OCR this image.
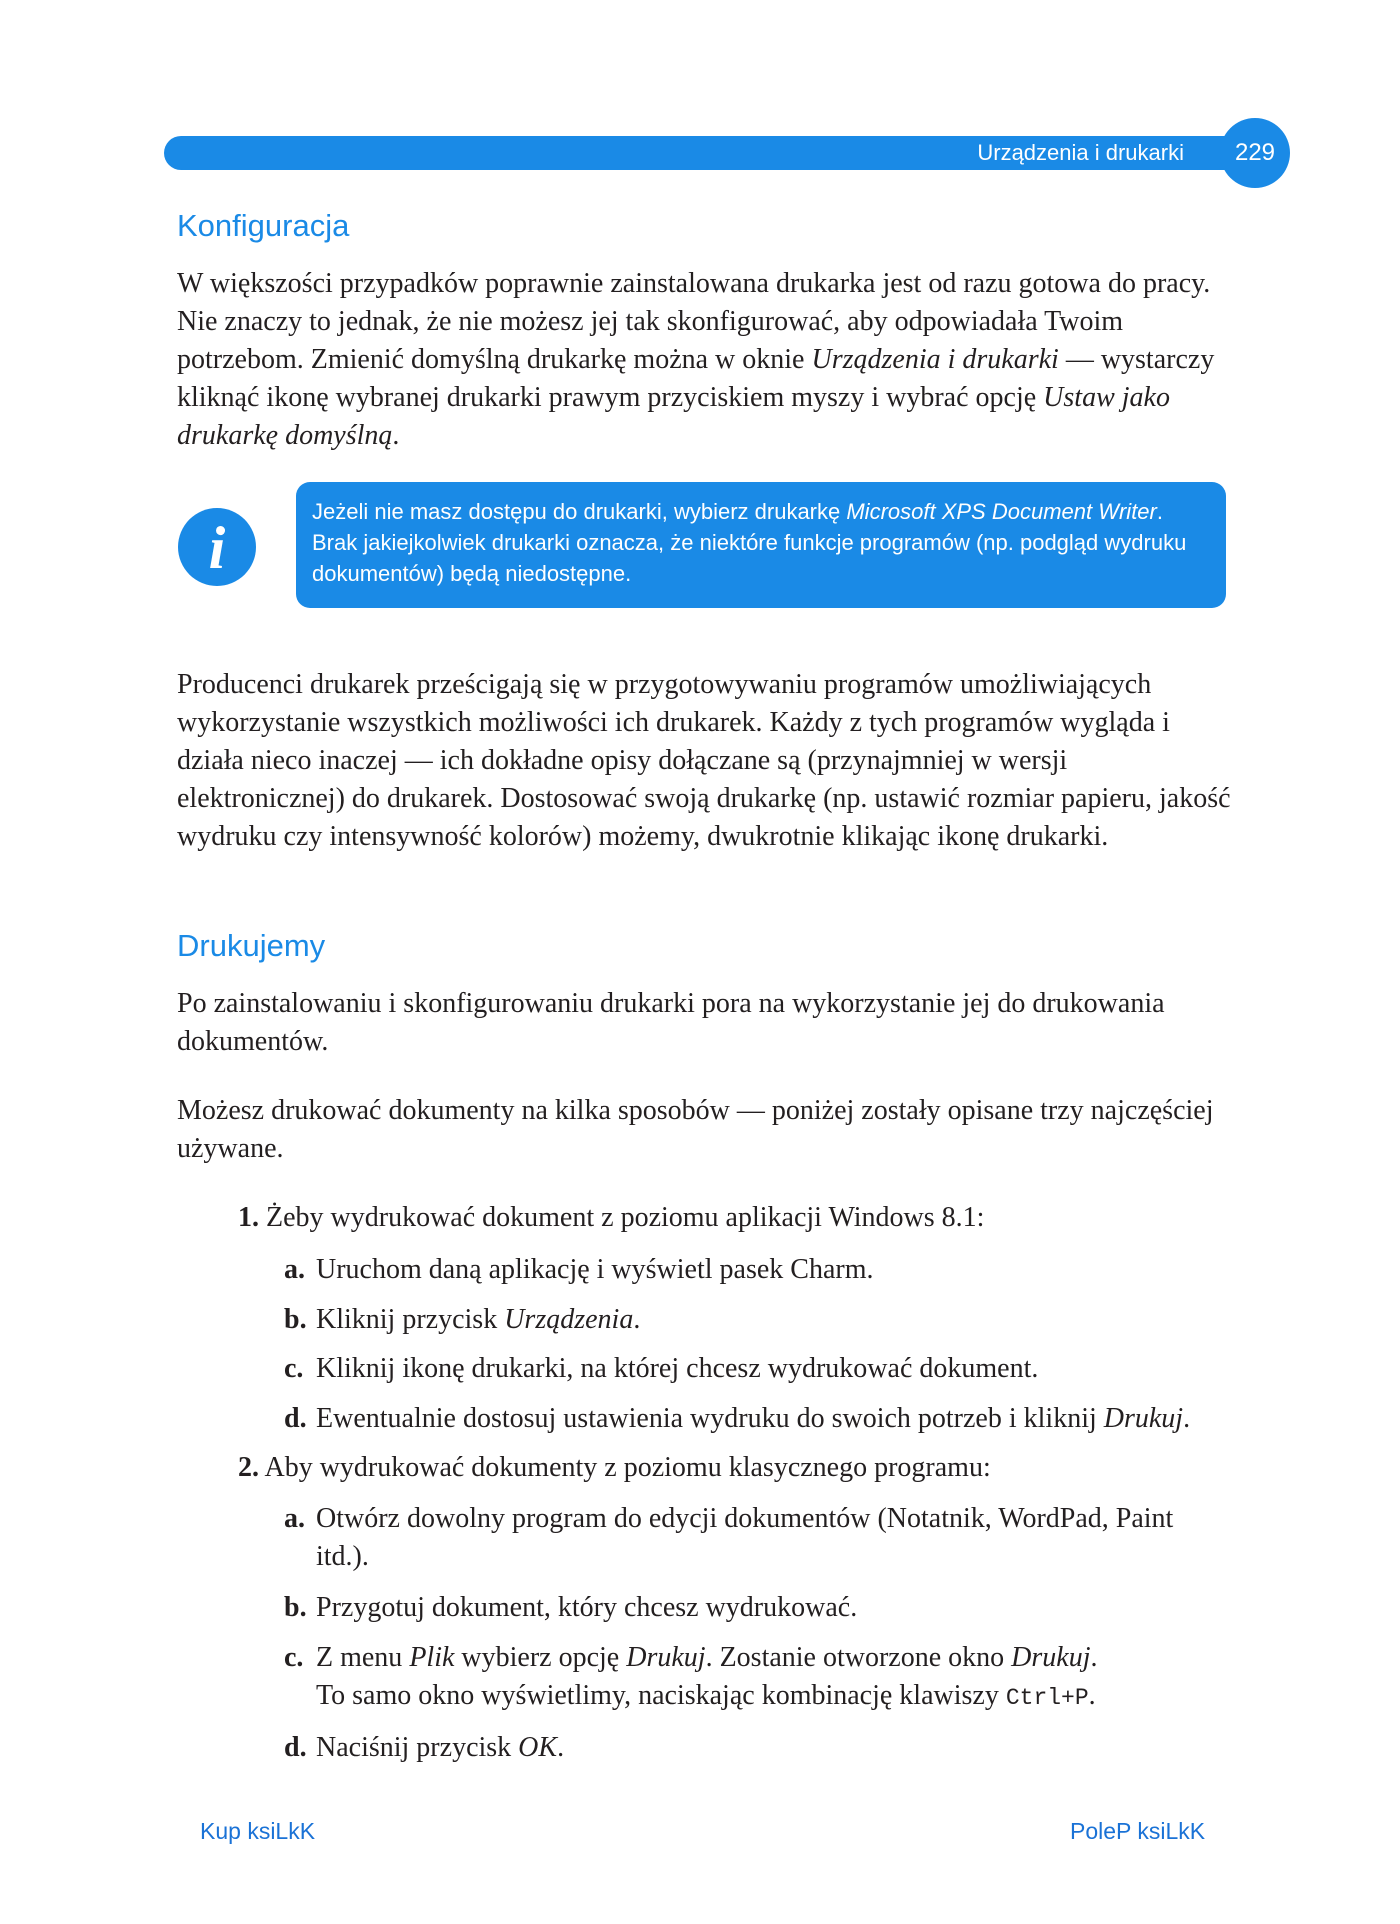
Urządzenia i drukarki	229
Konfiguracja

W większości przypadków poprawnie zainstalowana drukarka jest od razu gotowa do pracy. Nie znaczy to jednak, że nie możesz jej tak skonfigurować, aby odpowiadała Twoim potrzebom. Zmienić domyślną drukarkę można w oknie Urządzenia i drukarki — wystarczy kliknąć ikonę wybranej drukarki prawym przyciskiem myszy i wybrać opcję Ustaw jako drukarkę domyślną.

i
Jeżeli nie masz dostępu do drukarki, wybierz drukarkę Microsoft XPS Document Writer. Brak jakiejkolwiek drukarki oznacza, że niektóre funkcje programów (np. podgląd wydruku dokumentów) będą niedostępne.

Producenci drukarek prześcigają się w przygotowywaniu programów umożliwiających wykorzystanie wszystkich możliwości ich drukarek. Każdy z tych programów wygląda i działa nieco inaczej — ich dokładne opisy dołączane są (przynajmniej w wersji elektronicznej) do drukarek. Dostosować swoją drukarkę (np. ustawić rozmiar papieru, jakość wydruku czy intensywność kolorów) możemy, dwukrotnie klikając ikonę drukarki.

Drukujemy

Po zainstalowaniu i skonfigurowaniu drukarki pora na wykorzystanie jej do drukowania dokumentów.

Możesz drukować dokumenty na kilka sposobów — poniżej zostały opisane trzy najczęściej używane.

1. Żeby wydrukować dokument z poziomu aplikacji Windows 8.1:
a. Uruchom daną aplikację i wyświetl pasek Charm.
b. Kliknij przycisk Urządzenia.
c. Kliknij ikonę drukarki, na której chcesz wydrukować dokument.
d. Ewentualnie dostosuj ustawienia wydruku do swoich potrzeb i kliknij Drukuj.
2. Aby wydrukować dokumenty z poziomu klasycznego programu:
a. Otwórz dowolny program do edycji dokumentów (Notatnik, WordPad, Paint itd.).
b. Przygotuj dokument, który chcesz wydrukować.
c. Z menu Plik wybierz opcję Drukuj. Zostanie otworzone okno Drukuj.
To samo okno wyświetlimy, naciskając kombinację klawiszy Ctrl+P.
d. Naciśnij przycisk OK.
Kup ksiLkK	PoleP ksiLkK
